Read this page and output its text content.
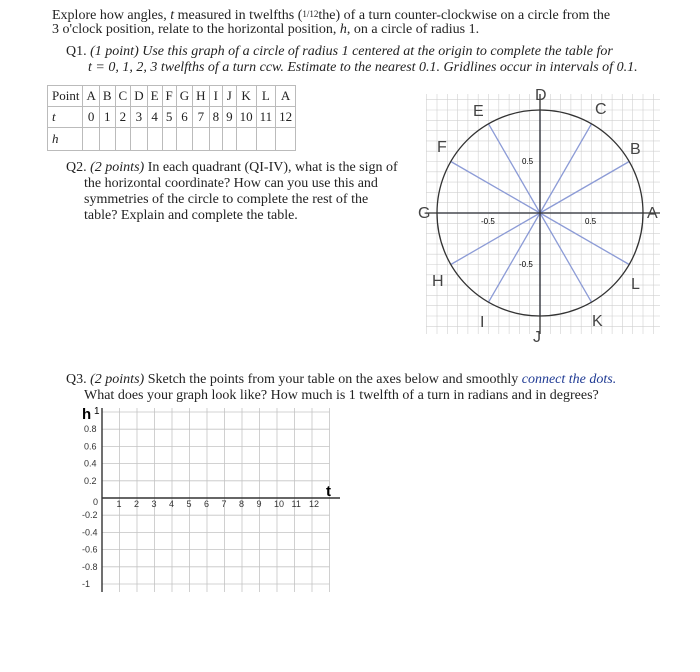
Explore how angles, t measured in twelfths (1/12the) of a turn counter-clockwise on a circle from the
3 o'clock position, relate to the horizontal position, h, on a circle of radius 1.
Q1. (1 point) Use this graph of a circle of radius 1 centered at the origin to complete the table for
t = 0, 1, 2, 3 twelfths of a turn ccw. Estimate to the nearest 0.1. Gridlines occur in intervals of 0.1.
Point	A	B	C	D	E	F	G	H	I	J	K	L	A
t	0	1	2	3	4	5	6	7	8	9	10	11	12
h													
Q2. (2 points) In each quadrant (QI-IV), what is the sign of
the horizontal coordinate? How can you use this and
symmetries of the circle to complete the rest of the
table? Explain and complete the table.	-0.5	0.5
0.5
-0.5
A
B
C
D
E
F
G
H
I
J
K
L
Q3. (2 points) Sketch the points from your table on the axes below and smoothly connect the dots.
What does your graph look like? How much is 1 twelfth of a turn in radians and in degrees?
h 1
t
0.8
0.6
0.4
0.2
0
-0.2
-0.4
-0.6
-0.8
-1
1 2 3 4 5 6 7 8 9 10 11 12
